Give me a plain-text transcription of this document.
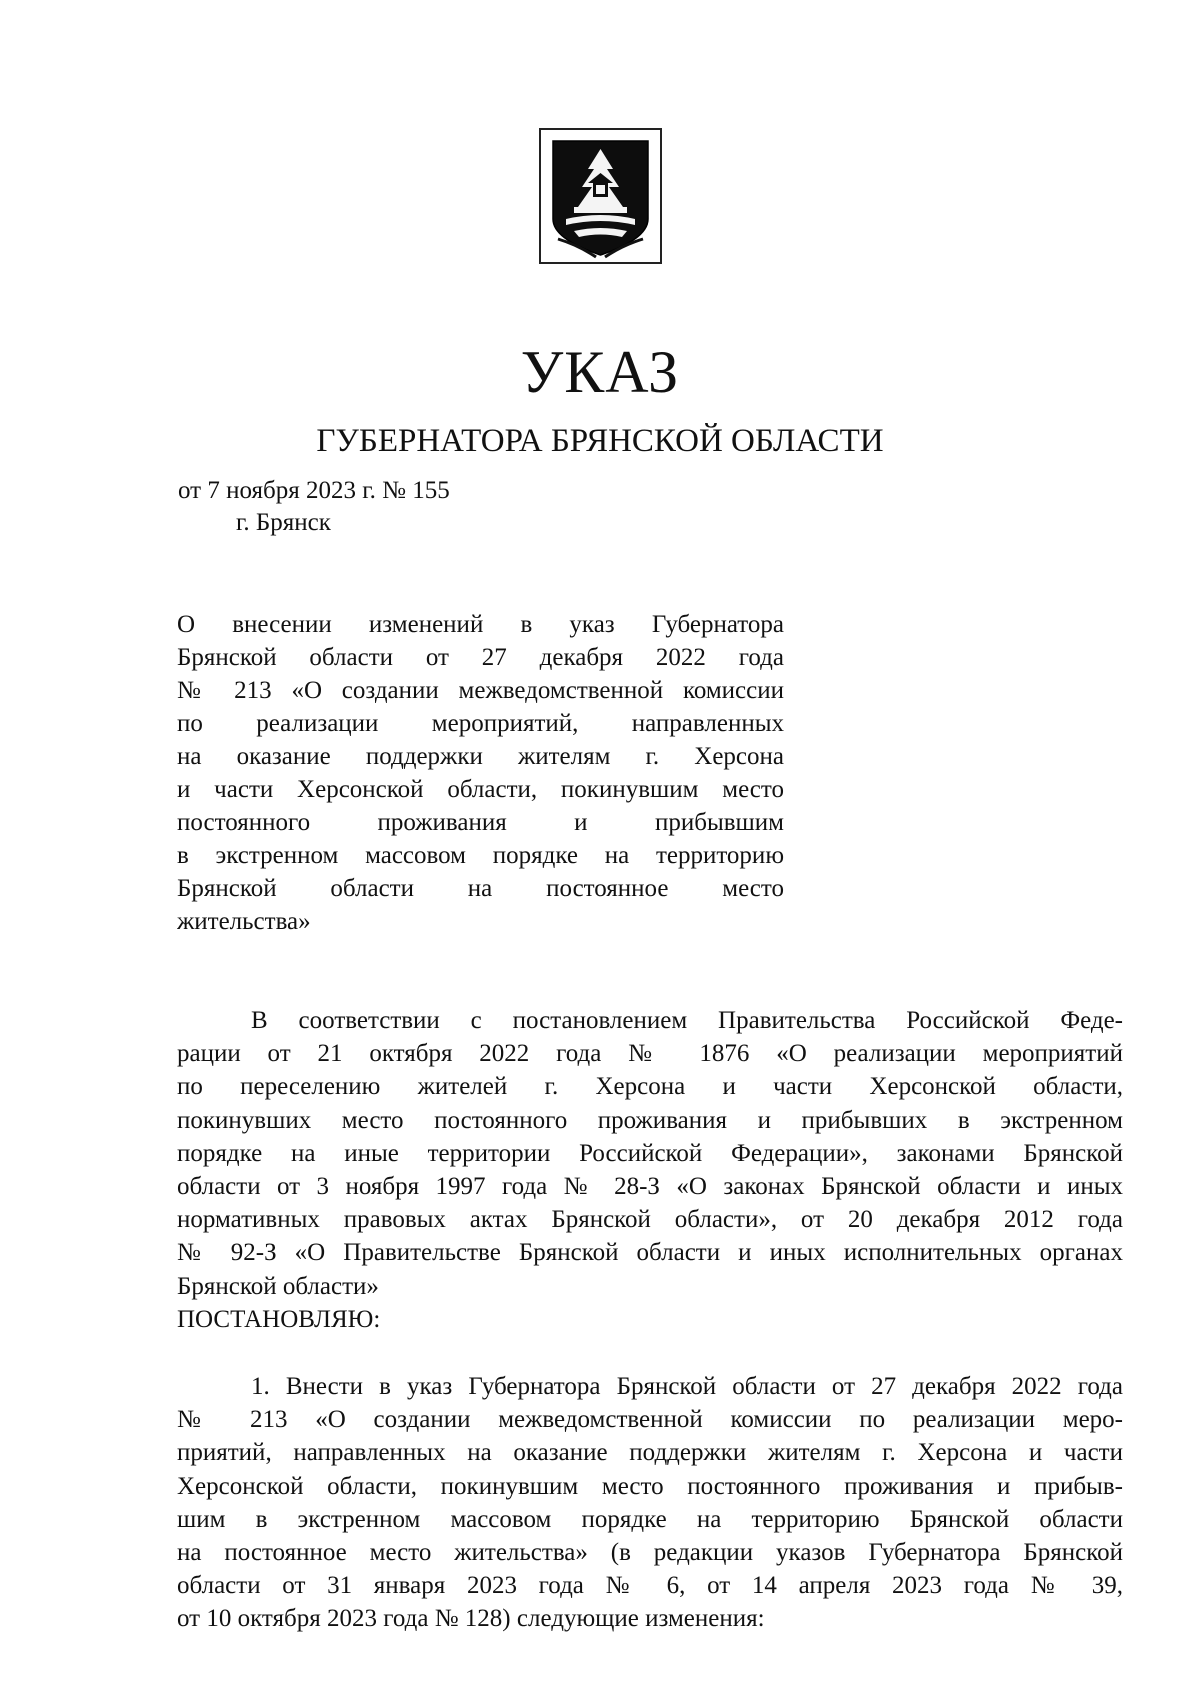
УКАЗ
ГУБЕРНАТОРА БРЯНСКОЙ ОБЛАСТИ
от 7 ноября 2023 г. № 155
г. Брянск
О внесении изменений в указ Губернатора
Брянской области от 27 декабря 2022 года
№ 213 «О создании межведомственной комиссии
по реализации мероприятий, направленных
на оказание поддержки жителям г. Херсона
и части Херсонской области, покинувшим место
постоянного проживания и прибывшим
в экстренном массовом порядке на территорию
Брянской области на постоянное место
жительства»
В соответствии с постановлением Правительства Российской Феде-
рации от 21 октября 2022 года № 1876 «О реализации мероприятий
по переселению жителей г. Херсона и части Херсонской области,
покинувших место постоянного проживания и прибывших в экстренном
порядке на иные территории Российской Федерации», законами Брянской
области от 3 ноября 1997 года № 28-З «О законах Брянской области и иных
нормативных правовых актах Брянской области», от 20 декабря 2012 года
№ 92-З «О Правительстве Брянской области и иных исполнительных органах
Брянской области»
ПОСТАНОВЛЯЮ:
1. Внести в указ Губернатора Брянской области от 27 декабря 2022 года
№ 213 «О создании межведомственной комиссии по реализации меро-
приятий, направленных на оказание поддержки жителям г. Херсона и части
Херсонской области, покинувшим место постоянного проживания и прибыв-
шим в экстренном массовом порядке на территорию Брянской области
на постоянное место жительства» (в редакции указов Губернатора Брянской
области от 31 января 2023 года № 6, от 14 апреля 2023 года № 39,
от 10 октября 2023 года № 128) следующие изменения:
